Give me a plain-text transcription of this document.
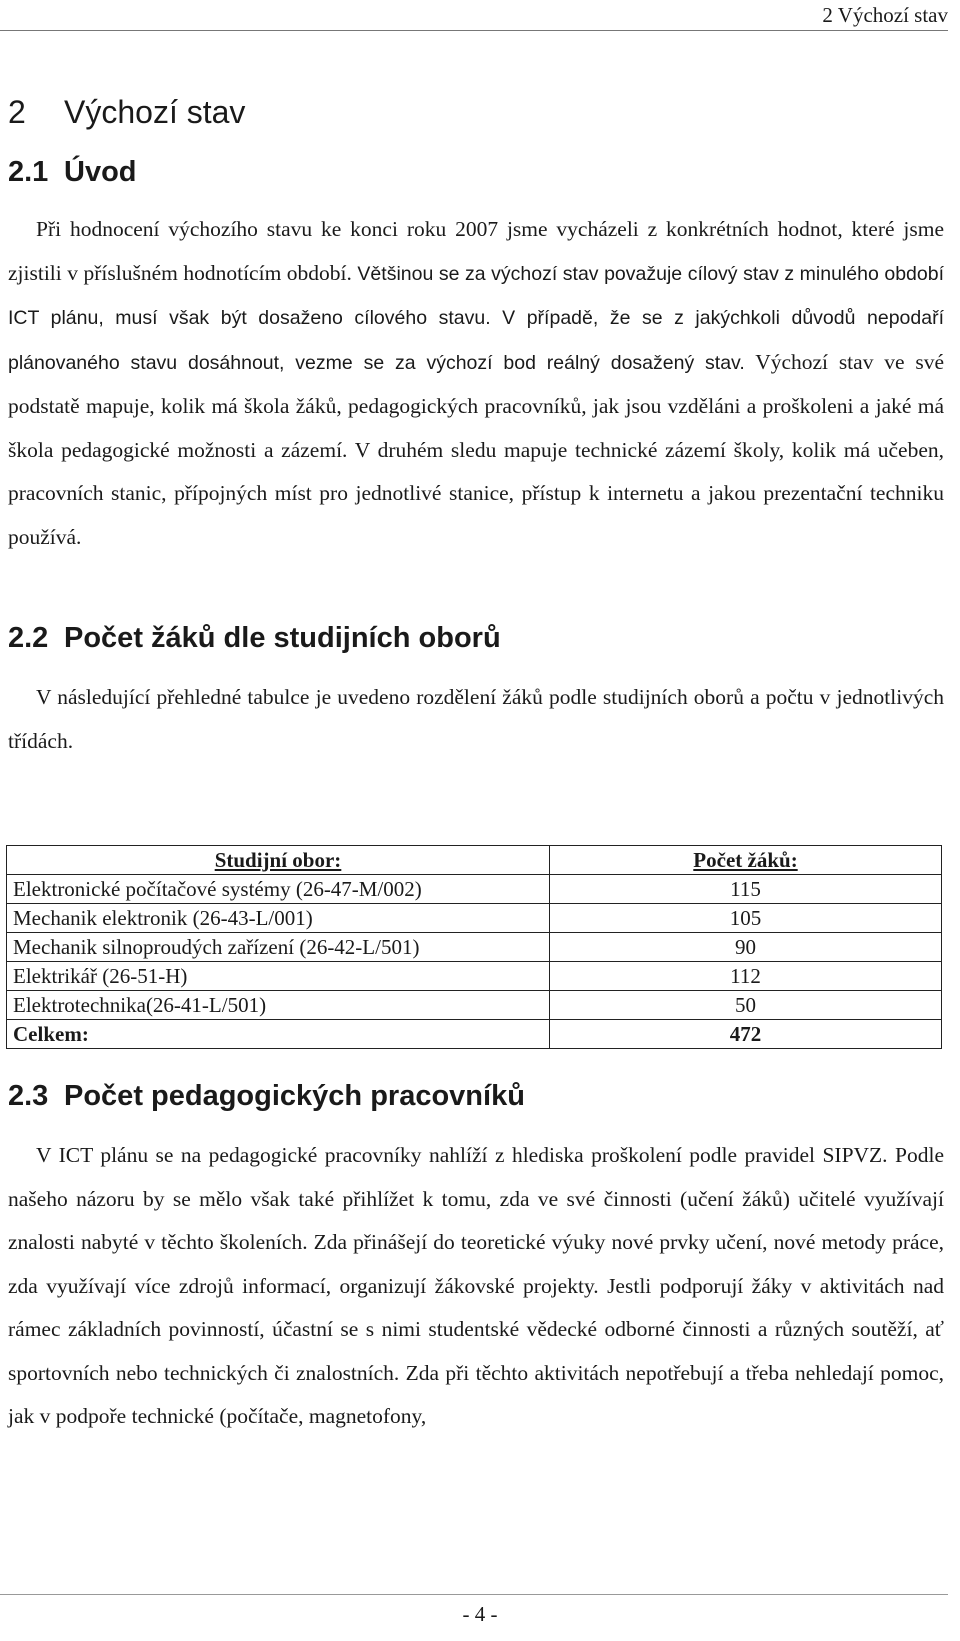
2 Výchozí stav
2 Výchozí stav
2.1 Úvod

Při hodnocení výchozího stavu ke konci roku 2007 jsme vycházeli z konkrétních hodnot, které jsme zjistili v příslušném hodnotícím období. Většinou se za výchozí stav považuje cílový stav z minulého období ICT plánu, musí však být dosaženo cílového stavu. V případě, že se z jakýchkoli důvodů nepodaří plánovaného stavu dosáhnout, vezme se za výchozí bod reálný dosažený stav. Výchozí stav ve své podstatě mapuje, kolik má škola žáků, pedagogických pracovníků, jak jsou vzděláni a proškoleni a jaké má škola pedagogické možnosti a zázemí. V druhém sledu mapuje technické zázemí školy, kolik má učeben, pracovních stanic, přípojných míst pro jednotlivé stanice, přístup k internetu a jakou prezentační techniku používá.

2.2 Počet žáků dle studijních oborů

V následující přehledné tabulce je uvedeno rozdělení žáků podle studijních oborů a počtu v jednotlivých třídách.

Studijní obor:	Počet žáků:
Elektronické počítačové systémy (26-47-M/002)	115
Mechanik elektronik (26-43-L/001)	105
Mechanik silnoproudých zařízení (26-42-L/501)	90
Elektrikář (26-51-H)	112
Elektrotechnika(26-41-L/501)	50
Celkem:	472
2.3 Počet pedagogických pracovníků

V ICT plánu se na pedagogické pracovníky nahlíží z hlediska proškolení podle pravidel SIPVZ. Podle našeho názoru by se mělo však také přihlížet k tomu, zda ve své činnosti (učení žáků) učitelé využívají znalosti nabyté v těchto školeních. Zda přinášejí do teoretické výuky nové prvky učení, nové metody práce, zda využívají více zdrojů informací, organizují žákovské projekty. Jestli podporují žáky v aktivitách nad rámec základních povinností, účastní se s nimi studentské vědecké odborné činnosti a různých soutěží, ať sportovních nebo technických či znalostních. Zda při těchto aktivitách nepotřebují a třeba nehledají pomoc, jak v podpoře technické (počítače, magnetofony,

- 4 -
